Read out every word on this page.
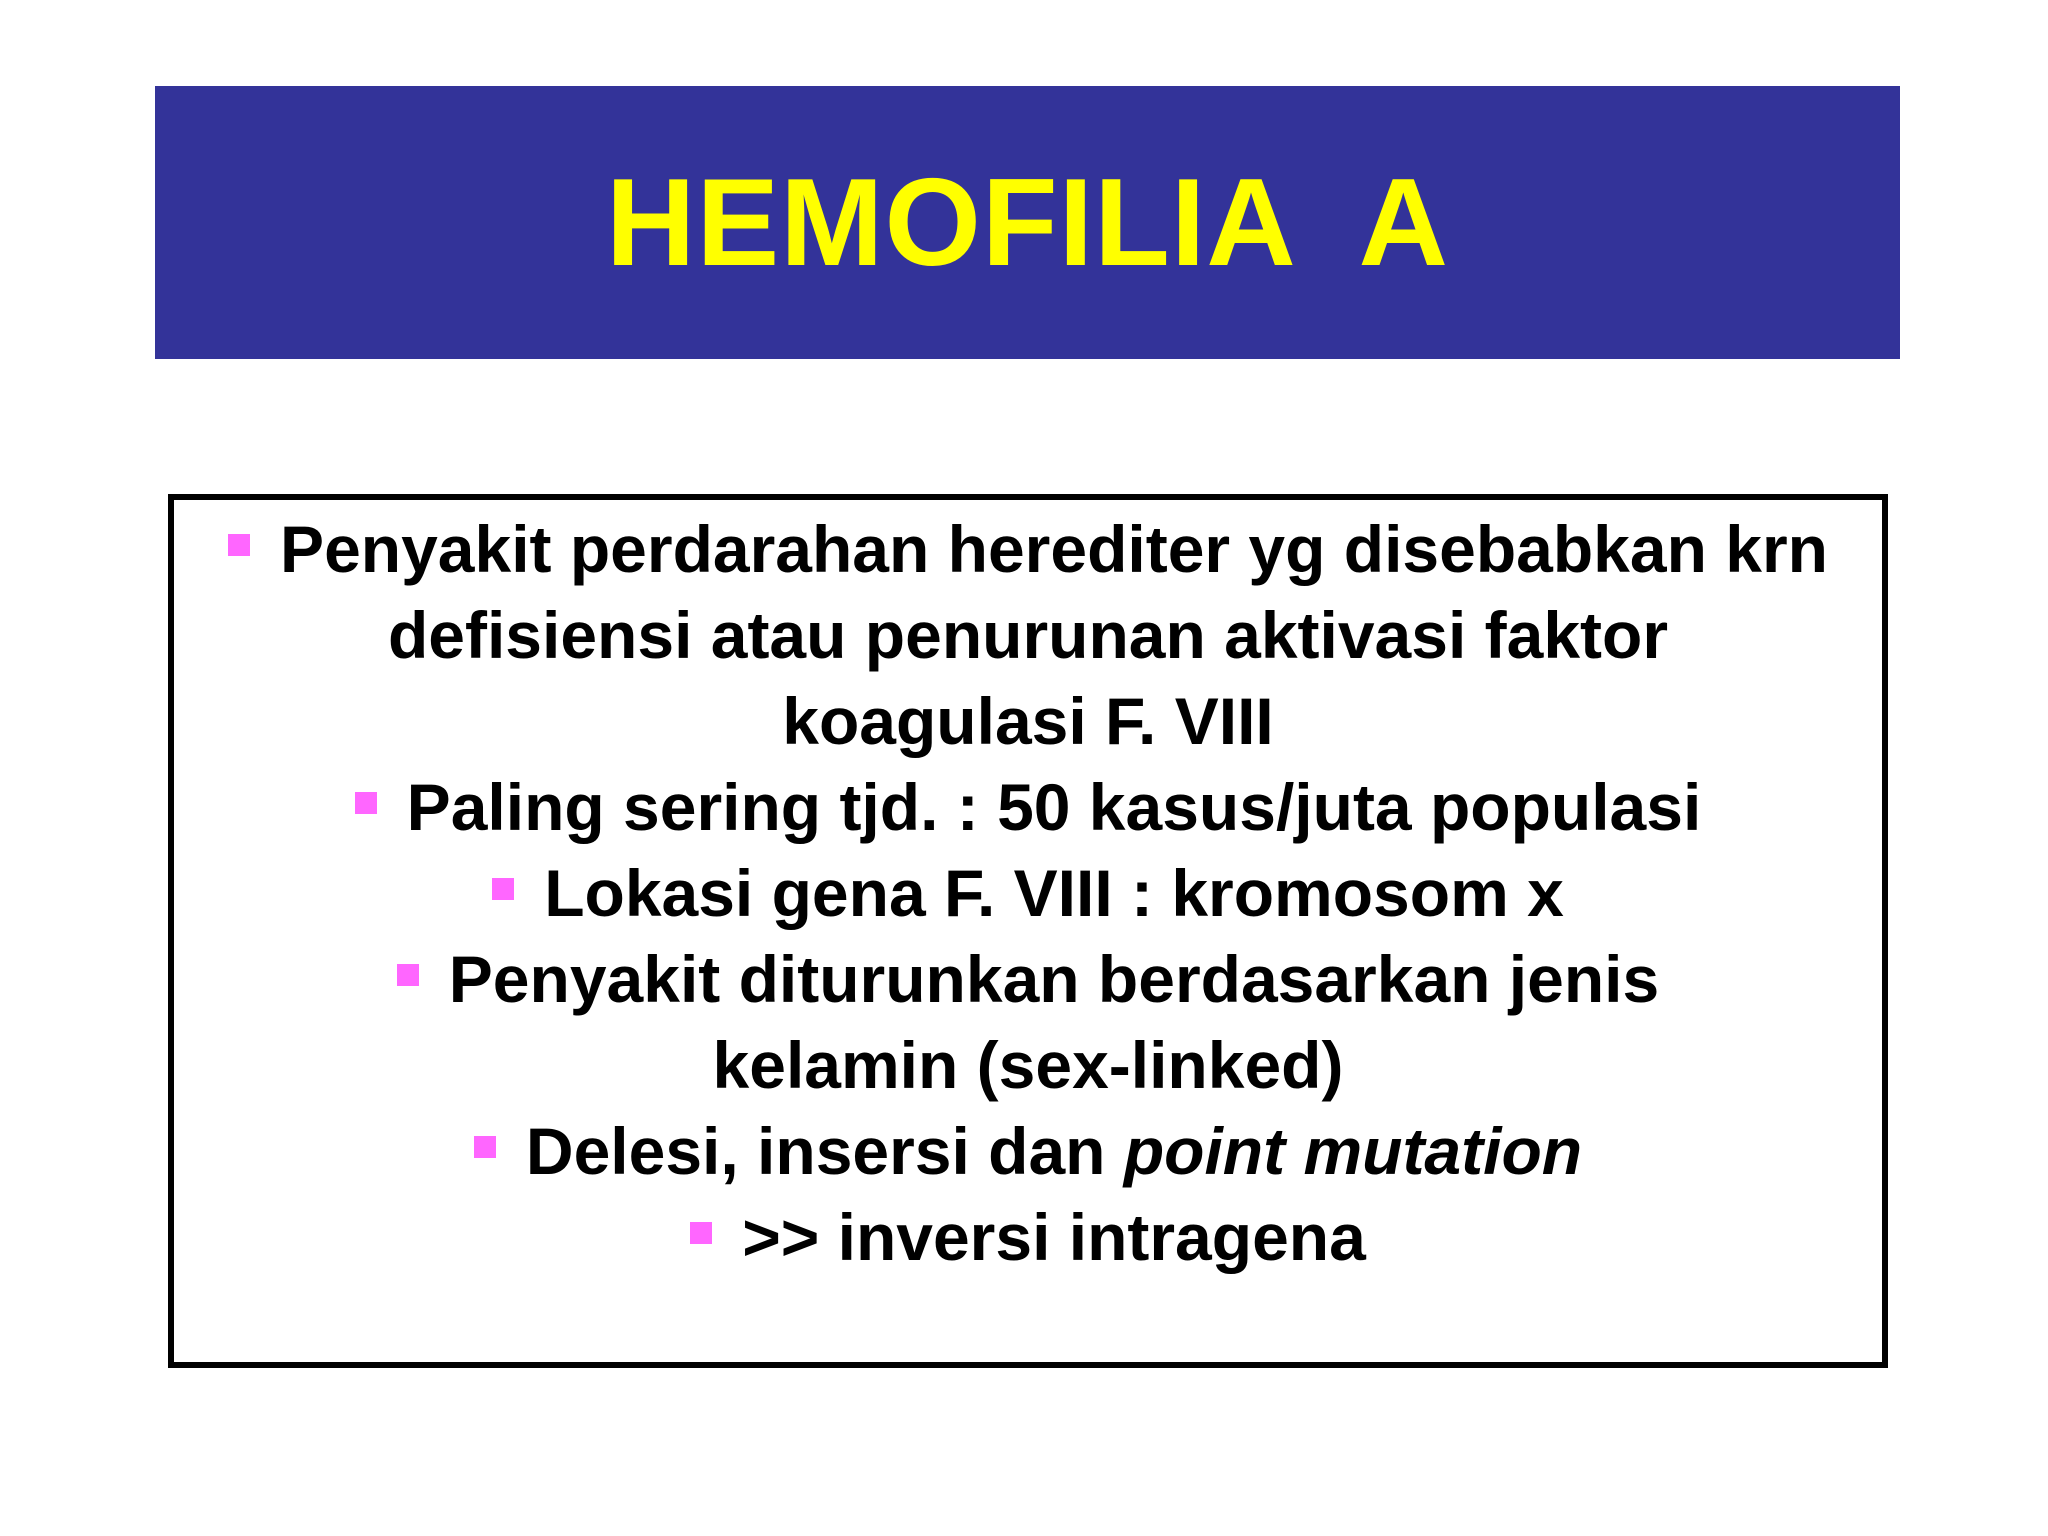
HEMOFILIA  A
Penyakit perdarahan herediter yg disebabkan krn
defisiensi atau penurunan aktivasi faktor
koagulasi F. VIII
Paling sering tjd. : 50 kasus/juta populasi
Lokasi gena F. VIII : kromosom x
Penyakit diturunkan berdasarkan jenis
kelamin (sex-linked)
Delesi, insersi dan point mutation
>> inversi intragena
